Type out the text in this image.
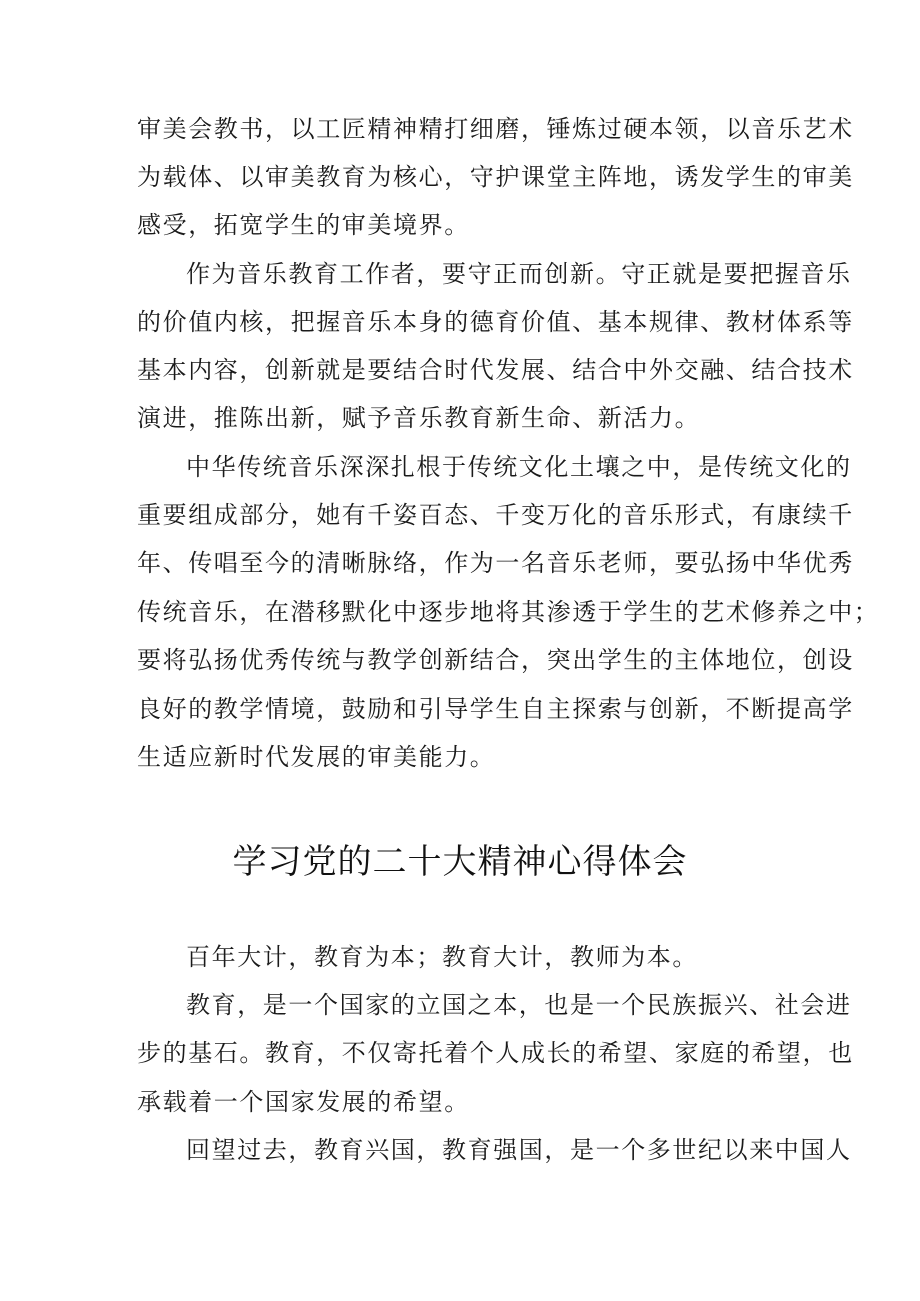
审美会教书，以工匠精神精打细磨，锤炼过硬本领，以音乐艺术
为载体、以审美教育为核心，守护课堂主阵地，诱发学生的审美
感受，拓宽学生的审美境界。
作为音乐教育工作者，要守正而创新。守正就是要把握音乐
的价值内核，把握音乐本身的德育价值、基本规律、教材体系等
基本内容，创新就是要结合时代发展、结合中外交融、结合技术
演进，推陈出新，赋予音乐教育新生命、新活力。
中华传统音乐深深扎根于传统文化土壤之中，是传统文化的
重要组成部分，她有千姿百态、千变万化的音乐形式，有康续千
年、传唱至今的清晰脉络，作为一名音乐老师，要弘扬中华优秀
传统音乐，在潜移默化中逐步地将其渗透于学生的艺术修养之中；
要将弘扬优秀传统与教学创新结合，突出学生的主体地位，创设
良好的教学情境，鼓励和引导学生自主探索与创新，不断提高学
生适应新时代发展的审美能力。
学习党的二十大精神心得体会
百年大计，教育为本；教育大计，教师为本。
教育，是一个国家的立国之本，也是一个民族振兴、社会进
步的基石。教育，不仅寄托着个人成长的希望、家庭的希望，也
承载着一个国家发展的希望。
回望过去，教育兴国，教育强国，是一个多世纪以来中国人
